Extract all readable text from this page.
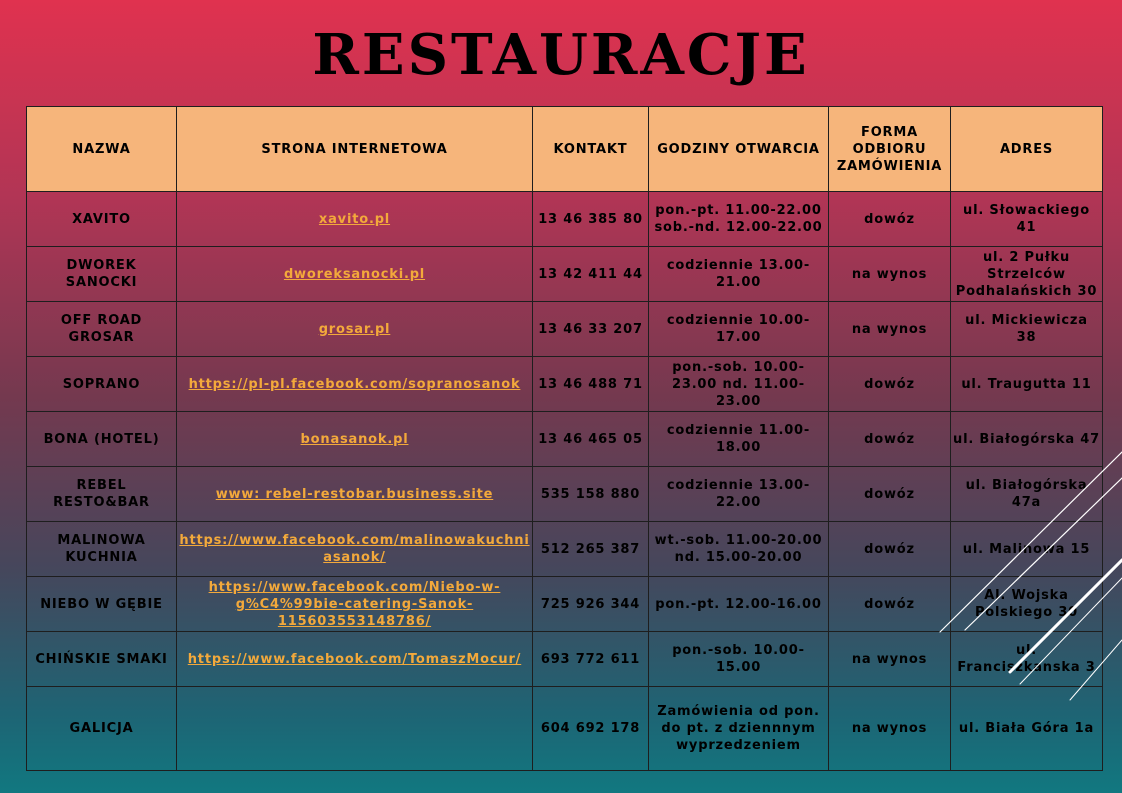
RESTAURACJE
NAZWA	STRONA INTERNETOWA	KONTAKT	GODZINY OTWARCIA	FORMA ODBIORU ZAMÓWIENIA	ADRES
XAVITO	xavito.pl	13 46 385 80	pon.-pt. 11.00-22.00 sob.-nd. 12.00-22.00	dowóz	ul. Słowackiego 41
DWOREK SANOCKI	dworeksanocki.pl	13 42 411 44	codziennie 13.00-21.00	na wynos	ul. 2 Pułku Strzelców Podhalańskich 30
OFF ROAD GROSAR	grosar.pl	13 46 33 207	codziennie 10.00-17.00	na wynos	ul. Mickiewicza 38
SOPRANO	https://pl-pl.facebook.com/sopranosanok	13 46 488 71	pon.-sob. 10.00-23.00 nd. 11.00-23.00	dowóz	ul. Traugutta 11
BONA (HOTEL)	bonasanok.pl	13 46 465 05	codziennie 11.00-18.00	dowóz	ul. Białogórska 47
REBEL RESTO&BAR	www: rebel-restobar.business.site	535 158 880	codziennie 13.00-22.00	dowóz	ul. Białogórska 47a
MALINOWA KUCHNIA	https://www.facebook.com/malinowakuchniasanok/	512 265 387	wt.-sob. 11.00-20.00 nd. 15.00-20.00	dowóz	ul. Malinowa 15
NIEBO W GĘBIE	https://www.facebook.com/Niebo-w-g%C4%99bie-catering-Sanok-115603553148786/	725 926 344	pon.-pt. 12.00-16.00	dowóz	Al. Wojska Polskiego 30
CHIŃSKIE SMAKI	https://www.facebook.com/TomaszMocur/	693 772 611	pon.-sob. 10.00-15.00	na wynos	ul. Franciszkanska 3
GALICJA		604 692 178	Zamówienia od pon. do pt. z dziennnym wyprzedzeniem	na wynos	ul. Biała Góra 1a
